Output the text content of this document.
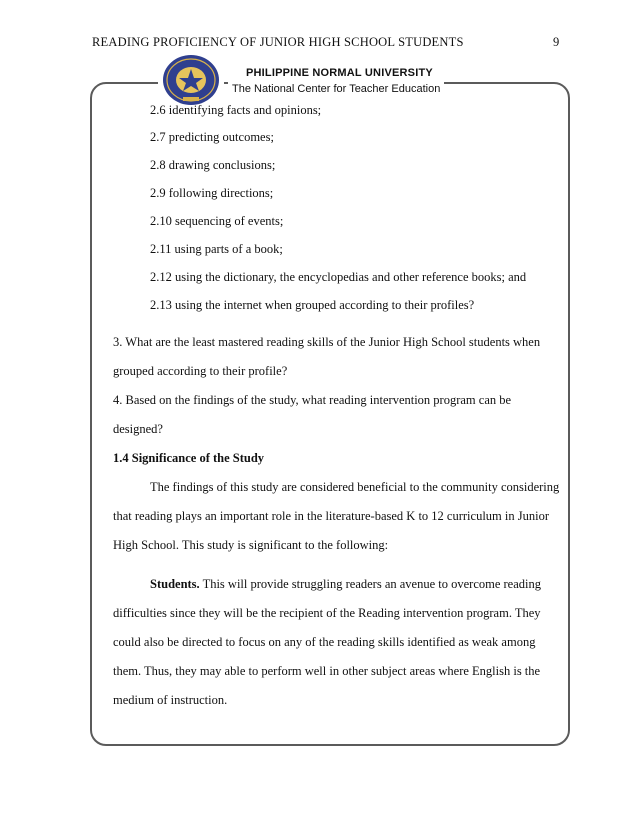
READING PROFICIENCY OF JUNIOR HIGH SCHOOL STUDENTS	9
PHILIPPINE NORMAL UNIVERSITY
The National Center for Teacher Education
2.6 identifying facts and opinions;
2.7 predicting outcomes;
2.8 drawing conclusions;
2.9 following directions;
2.10 sequencing of events;
2.11 using parts of a book;
2.12 using the dictionary, the encyclopedias and other reference books; and
2.13 using the internet when grouped according to their profiles?
3. What are the least mastered reading skills of the Junior High School students when
grouped according to their profile?
4. Based on the findings of the study, what reading intervention program can be
designed?
1.4 Significance of the Study
The findings of this study are considered beneficial to the community considering
that reading plays an important role in the literature-based K to 12 curriculum in Junior
High School. This study is significant to the following:
Students. This will provide struggling readers an avenue to overcome reading
difficulties since they will be the recipient of the Reading intervention program. They
could also be directed to focus on any of the reading skills identified as weak among
them. Thus, they may able to perform well in other subject areas where English is the
medium of instruction.
